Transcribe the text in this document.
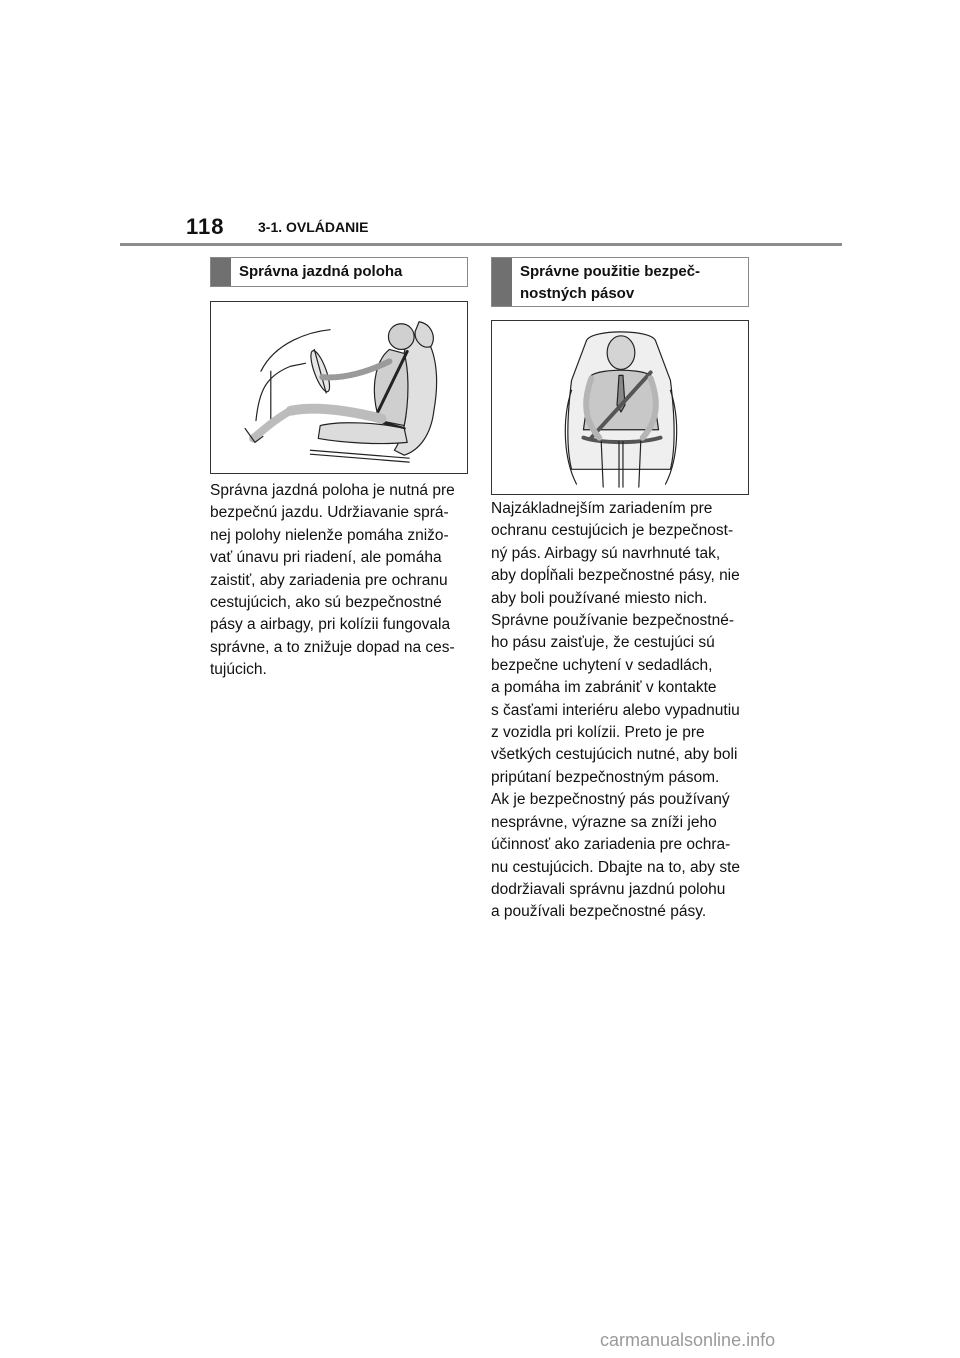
118 3-1. OVLÁDANIE
Správna jazdná poloha
Správna jazdná poloha je nutná pre
bezpečnú jazdu. Udržiavanie sprá-
nej polohy nielenže pomáha znižo-
vať únavu pri riadení, ale pomáha
zaistiť, aby zariadenia pre ochranu
cestujúcich, ako sú bezpečnostné
pásy a airbagy, pri kolízii fungovala
správne, a to znižuje dopad na ces-
tujúcich.
Správne použitie bezpeč-
nostných pásov
Najzákladnejším zariadením pre
ochranu cestujúcich je bezpečnost-
ný pás. Airbagy sú navrhnuté tak,
aby dopĺňali bezpečnostné pásy, nie
aby boli používané miesto nich.
Správne používanie bezpečnostné-
ho pásu zaisťuje, že cestujúci sú
bezpečne uchytení v sedadlách,
a pomáha im zabrániť v kontakte
s časťami interiéru alebo vypadnutiu
z vozidla pri kolízii. Preto je pre
všetkých cestujúcich nutné, aby boli
pripútaní bezpečnostným pásom.
Ak je bezpečnostný pás používaný
nesprávne, výrazne sa zníži jeho
účinnosť ako zariadenia pre ochra-
nu cestujúcich. Dbajte na to, aby ste
dodržiavali správnu jazdnú polohu
a používali bezpečnostné pásy.
carmanualsonline.info
